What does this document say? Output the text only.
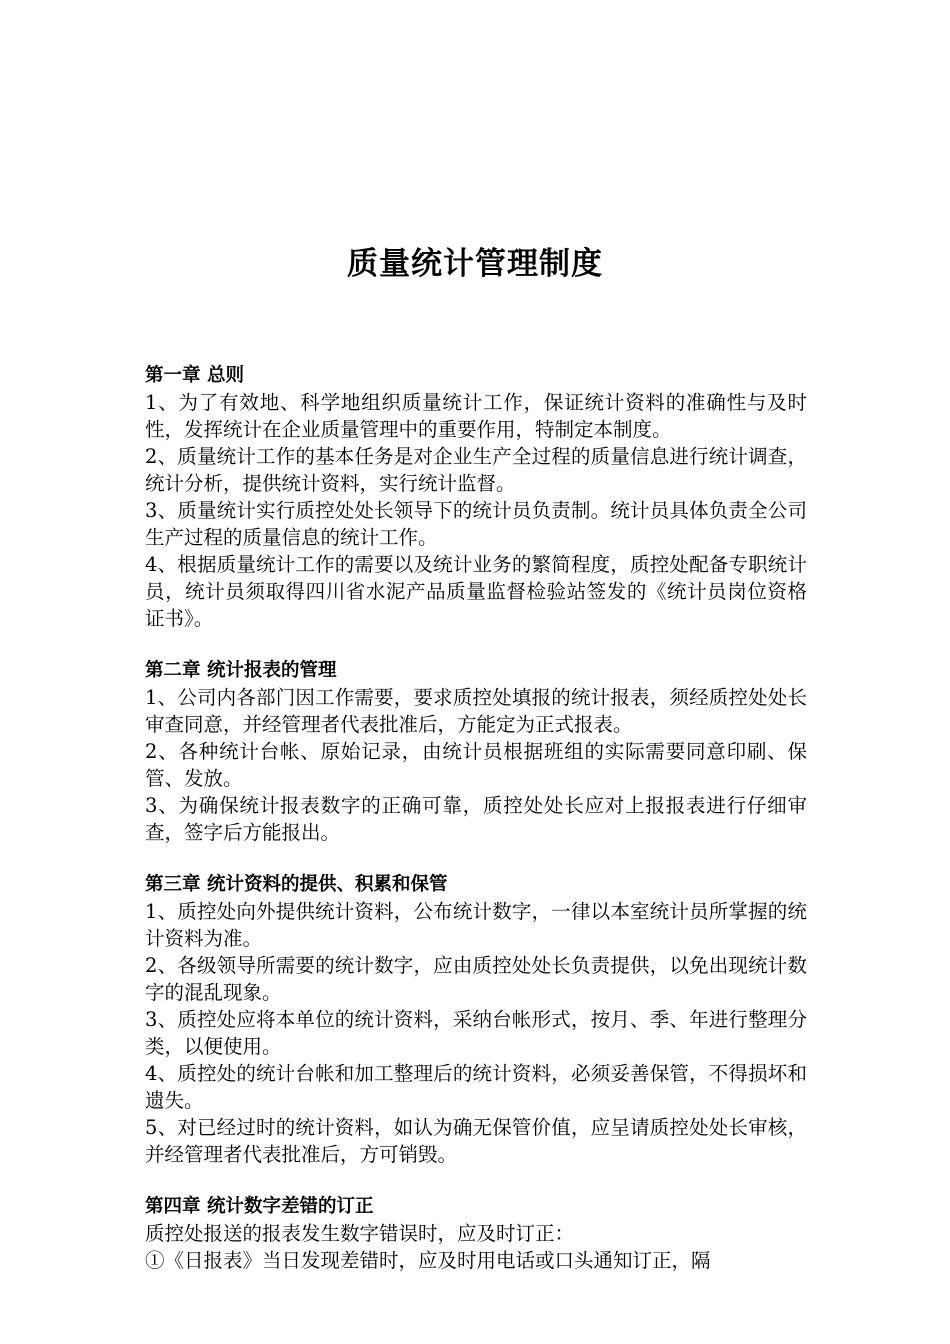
质量统计管理制度
第一章 总则

1、为了有效地、科学地组织质量统计工作，保证统计资料的准确性与及时性，发挥统计在企业质量管理中的重要作用，特制定本制度。

2、质量统计工作的基本任务是对企业生产全过程的质量信息进行统计调查，统计分析，提供统计资料，实行统计监督。

3、质量统计实行质控处处长领导下的统计员负责制。统计员具体负责全公司生产过程的质量信息的统计工作。

4、根据质量统计工作的需要以及统计业务的繁简程度，质控处配备专职统计员，统计员须取得四川省水泥产品质量监督检验站签发的《统计员岗位资格证书》。

第二章 统计报表的管理

1、公司内各部门因工作需要，要求质控处填报的统计报表，须经质控处处长审查同意，并经管理者代表批准后，方能定为正式报表。

2、各种统计台帐、原始记录，由统计员根据班组的实际需要同意印刷、保管、发放。

3、为确保统计报表数字的正确可靠，质控处处长应对上报报表进行仔细审查，签字后方能报出。

第三章 统计资料的提供、积累和保管

1、质控处向外提供统计资料，公布统计数字，一律以本室统计员所掌握的统计资料为准。

2、各级领导所需要的统计数字，应由质控处处长负责提供，以免出现统计数字的混乱现象。

3、质控处应将本单位的统计资料，采纳台帐形式，按月、季、年进行整理分类，以便使用。

4、质控处的统计台帐和加工整理后的统计资料，必须妥善保管，不得损坏和遗失。

5、对已经过时的统计资料，如认为确无保管价值，应呈请质控处处长审核，并经管理者代表批准后，方可销毁。

第四章 统计数字差错的订正

质控处报送的报表发生数字错误时，应及时订正：

①《日报表》当日发现差错时，应及时用电话或口头通知订正，隔
